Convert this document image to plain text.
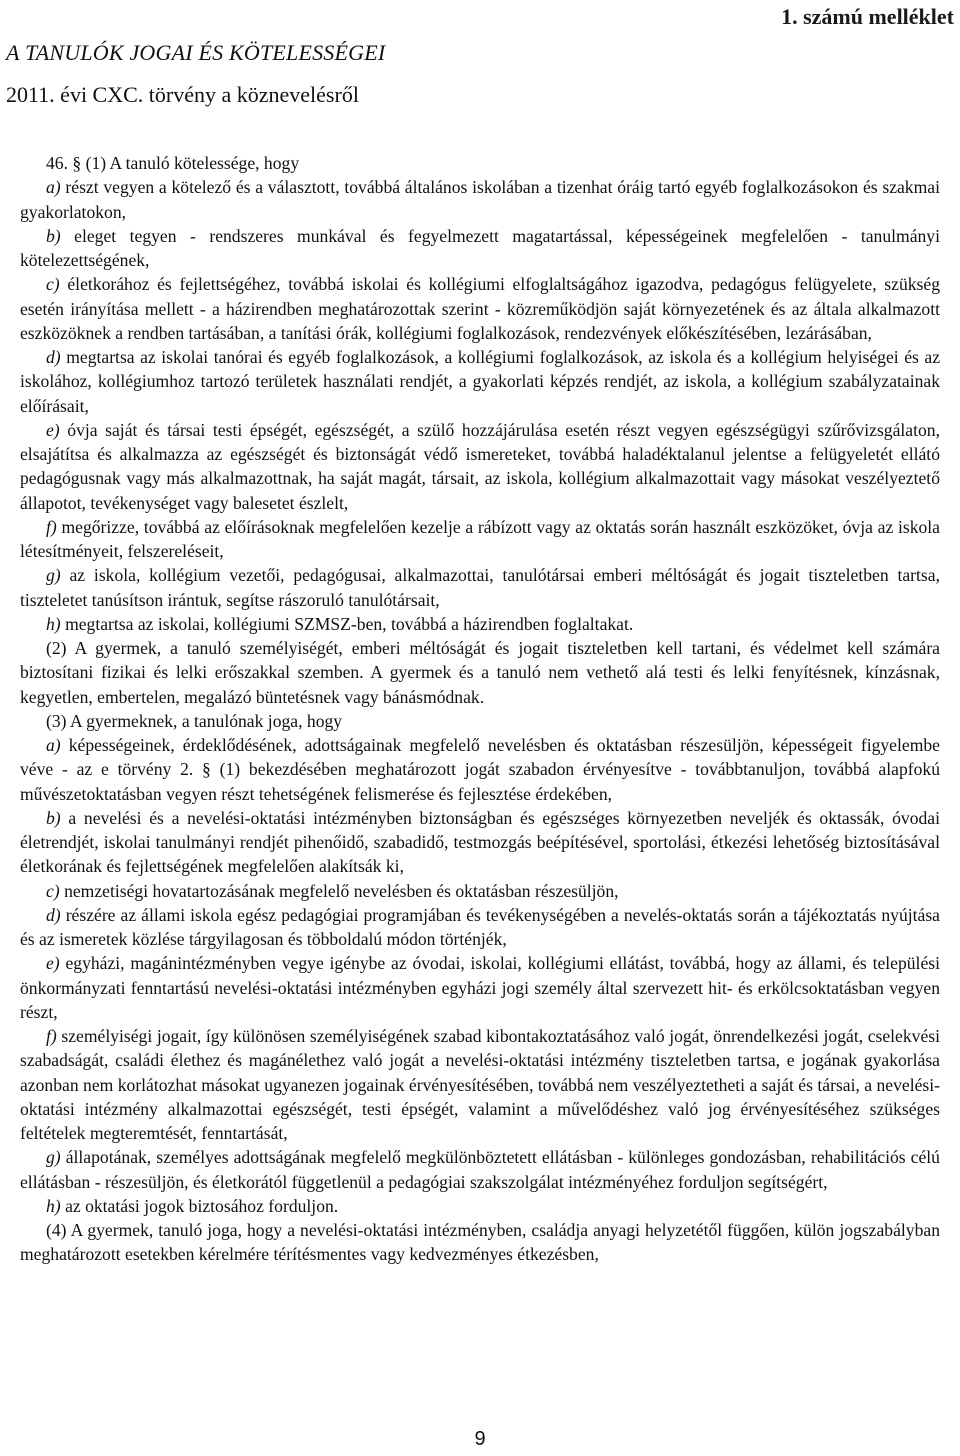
1. számú melléklet
A TANULÓK JOGAI ÉS KÖTELESSÉGEI
2011. évi CXC. törvény a köznevelésről

46. § (1) A tanuló kötelessége, hogy

a) részt vegyen a kötelező és a választott, továbbá általános iskolában a tizenhat óráig tartó egyéb foglalkozásokon és szakmai gyakorlatokon,

b) eleget tegyen - rendszeres munkával és fegyelmezett magatartással, képességeinek megfelelően - tanulmányi kötelezettségének,

c) életkorához és fejlettségéhez, továbbá iskolai és kollégiumi elfoglaltságához igazodva, pedagógus felügyelete, szükség esetén irányítása mellett - a házirendben meghatározottak szerint - közreműködjön saját környezetének és az általa alkalmazott eszközöknek a rendben tartásában, a tanítási órák, kollégiumi foglalkozások, rendezvények előkészítésében, lezárásában,

d) megtartsa az iskolai tanórai és egyéb foglalkozások, a kollégiumi foglalkozások, az iskola és a kollégium helyiségei és az iskolához, kollégiumhoz tartozó területek használati rendjét, a gyakorlati képzés rendjét, az iskola, a kollégium szabályzatainak előírásait,

e) óvja saját és társai testi épségét, egészségét, a szülő hozzájárulása esetén részt vegyen egészségügyi szűrővizsgálaton, elsajátítsa és alkalmazza az egészségét és biztonságát védő ismereteket, továbbá haladéktalanul jelentse a felügyeletét ellátó pedagógusnak vagy más alkalmazottnak, ha saját magát, társait, az iskola, kollégium alkalmazottait vagy másokat veszélyeztető állapotot, tevékenységet vagy balesetet észlelt,

f) megőrizze, továbbá az előírásoknak megfelelően kezelje a rábízott vagy az oktatás során használt eszközöket, óvja az iskola létesítményeit, felszereléseit,

g) az iskola, kollégium vezetői, pedagógusai, alkalmazottai, tanulótársai emberi méltóságát és jogait tiszteletben tartsa, tiszteletet tanúsítson irántuk, segítse rászoruló tanulótársait,

h) megtartsa az iskolai, kollégiumi SZMSZ-ben, továbbá a házirendben foglaltakat.

(2) A gyermek, a tanuló személyiségét, emberi méltóságát és jogait tiszteletben kell tartani, és védelmet kell számára biztosítani fizikai és lelki erőszakkal szemben. A gyermek és a tanuló nem vethető alá testi és lelki fenyítésnek, kínzásnak, kegyetlen, embertelen, megalázó büntetésnek vagy bánásmódnak.

(3) A gyermeknek, a tanulónak joga, hogy

a) képességeinek, érdeklődésének, adottságainak megfelelő nevelésben és oktatásban részesüljön, képességeit figyelembe véve - az e törvény 2. § (1) bekezdésében meghatározott jogát szabadon érvényesítve - továbbtanuljon, továbbá alapfokú művészetoktatásban vegyen részt tehetségének felismerése és fejlesztése érdekében,

b) a nevelési és a nevelési-oktatási intézményben biztonságban és egészséges környezetben neveljék és oktassák, óvodai életrendjét, iskolai tanulmányi rendjét pihenőidő, szabadidő, testmozgás beépítésével, sportolási, étkezési lehetőség biztosításával életkorának és fejlettségének megfelelően alakítsák ki,

c) nemzetiségi hovatartozásának megfelelő nevelésben és oktatásban részesüljön,

d) részére az állami iskola egész pedagógiai programjában és tevékenységében a nevelés-oktatás során a tájékoztatás nyújtása és az ismeretek közlése tárgyilagosan és többoldalú módon történjék,

e) egyházi, magánintézményben vegye igénybe az óvodai, iskolai, kollégiumi ellátást, továbbá, hogy az állami, és települési önkormányzati fenntartású nevelési-oktatási intézményben egyházi jogi személy által szervezett hit- és erkölcsoktatásban vegyen részt,

f) személyiségi jogait, így különösen személyiségének szabad kibontakoztatásához való jogát, önrendelkezési jogát, cselekvési szabadságát, családi élethez és magánélethez való jogát a nevelési-oktatási intézmény tiszteletben tartsa, e jogának gyakorlása azonban nem korlátozhat másokat ugyanezen jogainak érvényesítésében, továbbá nem veszélyeztetheti a saját és társai, a nevelési-oktatási intézmény alkalmazottai egészségét, testi épségét, valamint a művelődéshez való jog érvényesítéséhez szükséges feltételek megteremtését, fenntartását,

g) állapotának, személyes adottságának megfelelő megkülönböztetett ellátásban - különleges gondozásban, rehabilitációs célú ellátásban - részesüljön, és életkorától függetlenül a pedagógiai szakszolgálat intézményéhez forduljon segítségért,

h) az oktatási jogok biztosához forduljon.

(4) A gyermek, tanuló joga, hogy a nevelési-oktatási intézményben, családja anyagi helyzetétől függően, külön jogszabályban meghatározott esetekben kérelmére térítésmentes vagy kedvezményes étkezésben,

9
